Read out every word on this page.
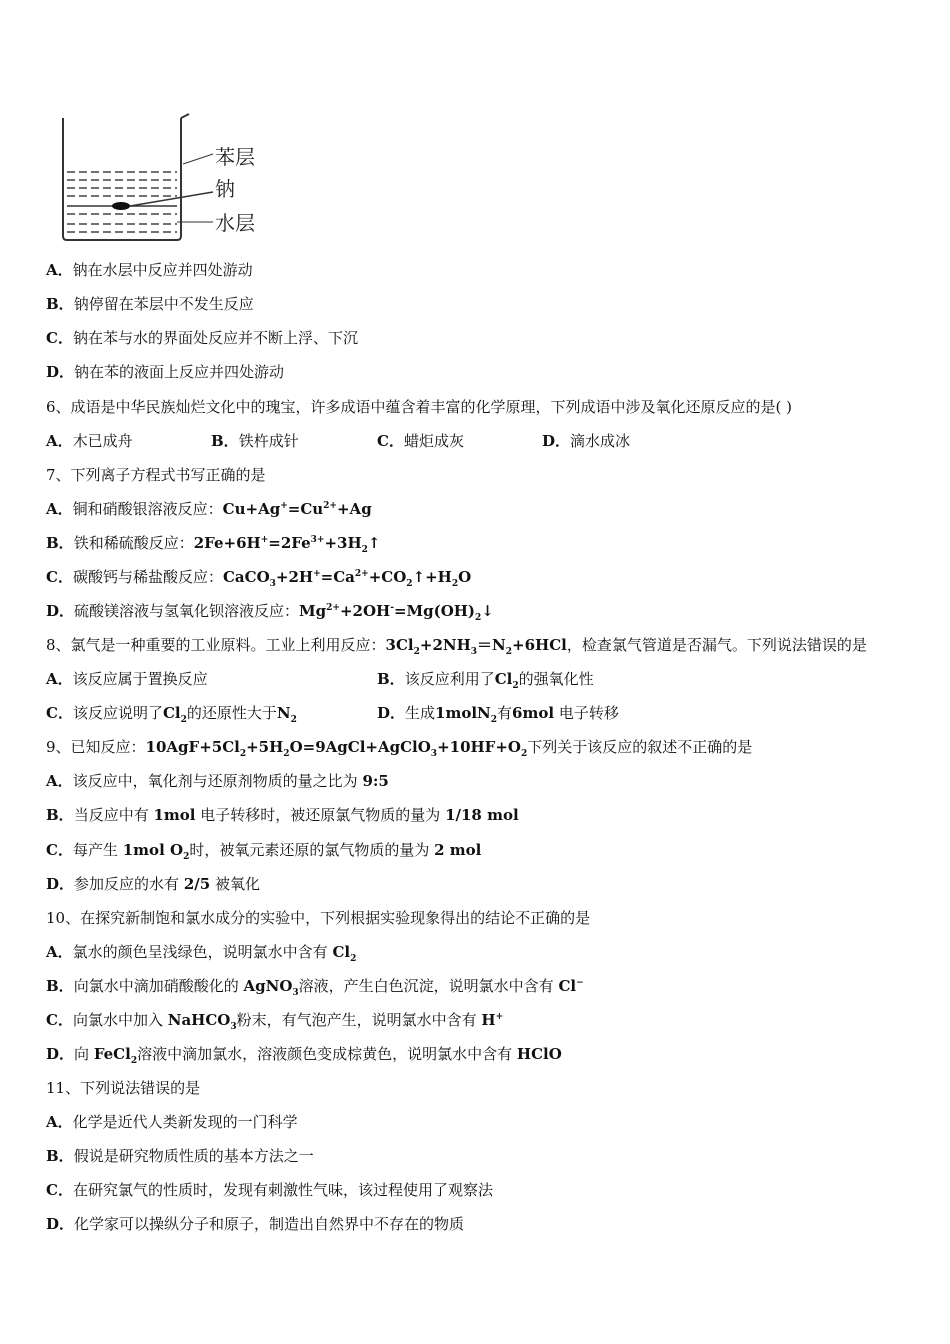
苯层
钠
水层
A．钠在水层中反应并四处游动
B．钠停留在苯层中不发生反应
C．钠在苯与水的界面处反应并不断上浮、下沉
D．钠在苯的液面上反应并四处游动
6、成语是中华民族灿烂文化中的瑰宝，许多成语中蕴含着丰富的化学原理，下列成语中涉及氧化还原反应的是( )
A．木已成舟	B．铁杵成针	C．蜡炬成灰	D．滴水成冰
7、下列离子方程式书写正确的是
A．铜和硝酸银溶液反应：$Cu+Ag^+=Cu^{2+}+Ag$
B．铁和稀硫酸反应：$2Fe+6H^+=2Fe^{3+}+3H_2↑$
C．碳酸钙与稀盐酸反应：$CaCO_3+2H^+=Ca^{2+}+CO_2↑+H_2O$
D．硫酸镁溶液与氢氧化钡溶液反应：$Mg^{2+}+2OH^-=Mg(OH)_2↓$
8、氯气是一种重要的工业原料。工业上利用反应：$3Cl_2+2NH_3=N_2+6HCl$，检查氯气管道是否漏气。下列说法错误的是
A．该反应属于置换反应	B．该反应利用了$Cl_2$的强氧化性
C．该反应说明了$Cl_2$的还原性大于$N_2$	D．生成1molN$_2$有6mol 电子转移
9、已知反应：$10AgF+5Cl_2+5H_2O=9AgCl+AgClO_3+10HF+O_2$下列关于该反应的叙述不正确的是
A．该反应中，氧化剂与还原剂物质的量之比为 9:5
B．当反应中有 1mol 电子转移时，被还原氯气物质的量为 1/18 mol
C．每产生 1mol $O_2$时，被氧元素还原的氯气物质的量为 2 mol
D．参加反应的水有 2/5 被氧化
10、在探究新制饱和氯水成分的实验中，下列根据实验现象得出的结论不正确的是
A．氯水的颜色呈浅绿色，说明氯水中含有 $Cl_2$
B．向氯水中滴加硝酸酸化的 AgNO$_3$溶液，产生白色沉淀，说明氯水中含有 Cl−
C．向氯水中加入 NaHCO$_3$粉末，有气泡产生，说明氯水中含有 H+
D．向 FeCl$_2$溶液中滴加氯水，溶液颜色变成棕黄色，说明氯水中含有 HClO
11、下列说法错误的是
A．化学是近代人类新发现的一门科学
B．假说是研究物质性质的基本方法之一
C．在研究氯气的性质时，发现有刺激性气味，该过程使用了观察法
D．化学家可以操纵分子和原子，制造出自然界中不存在的物质
